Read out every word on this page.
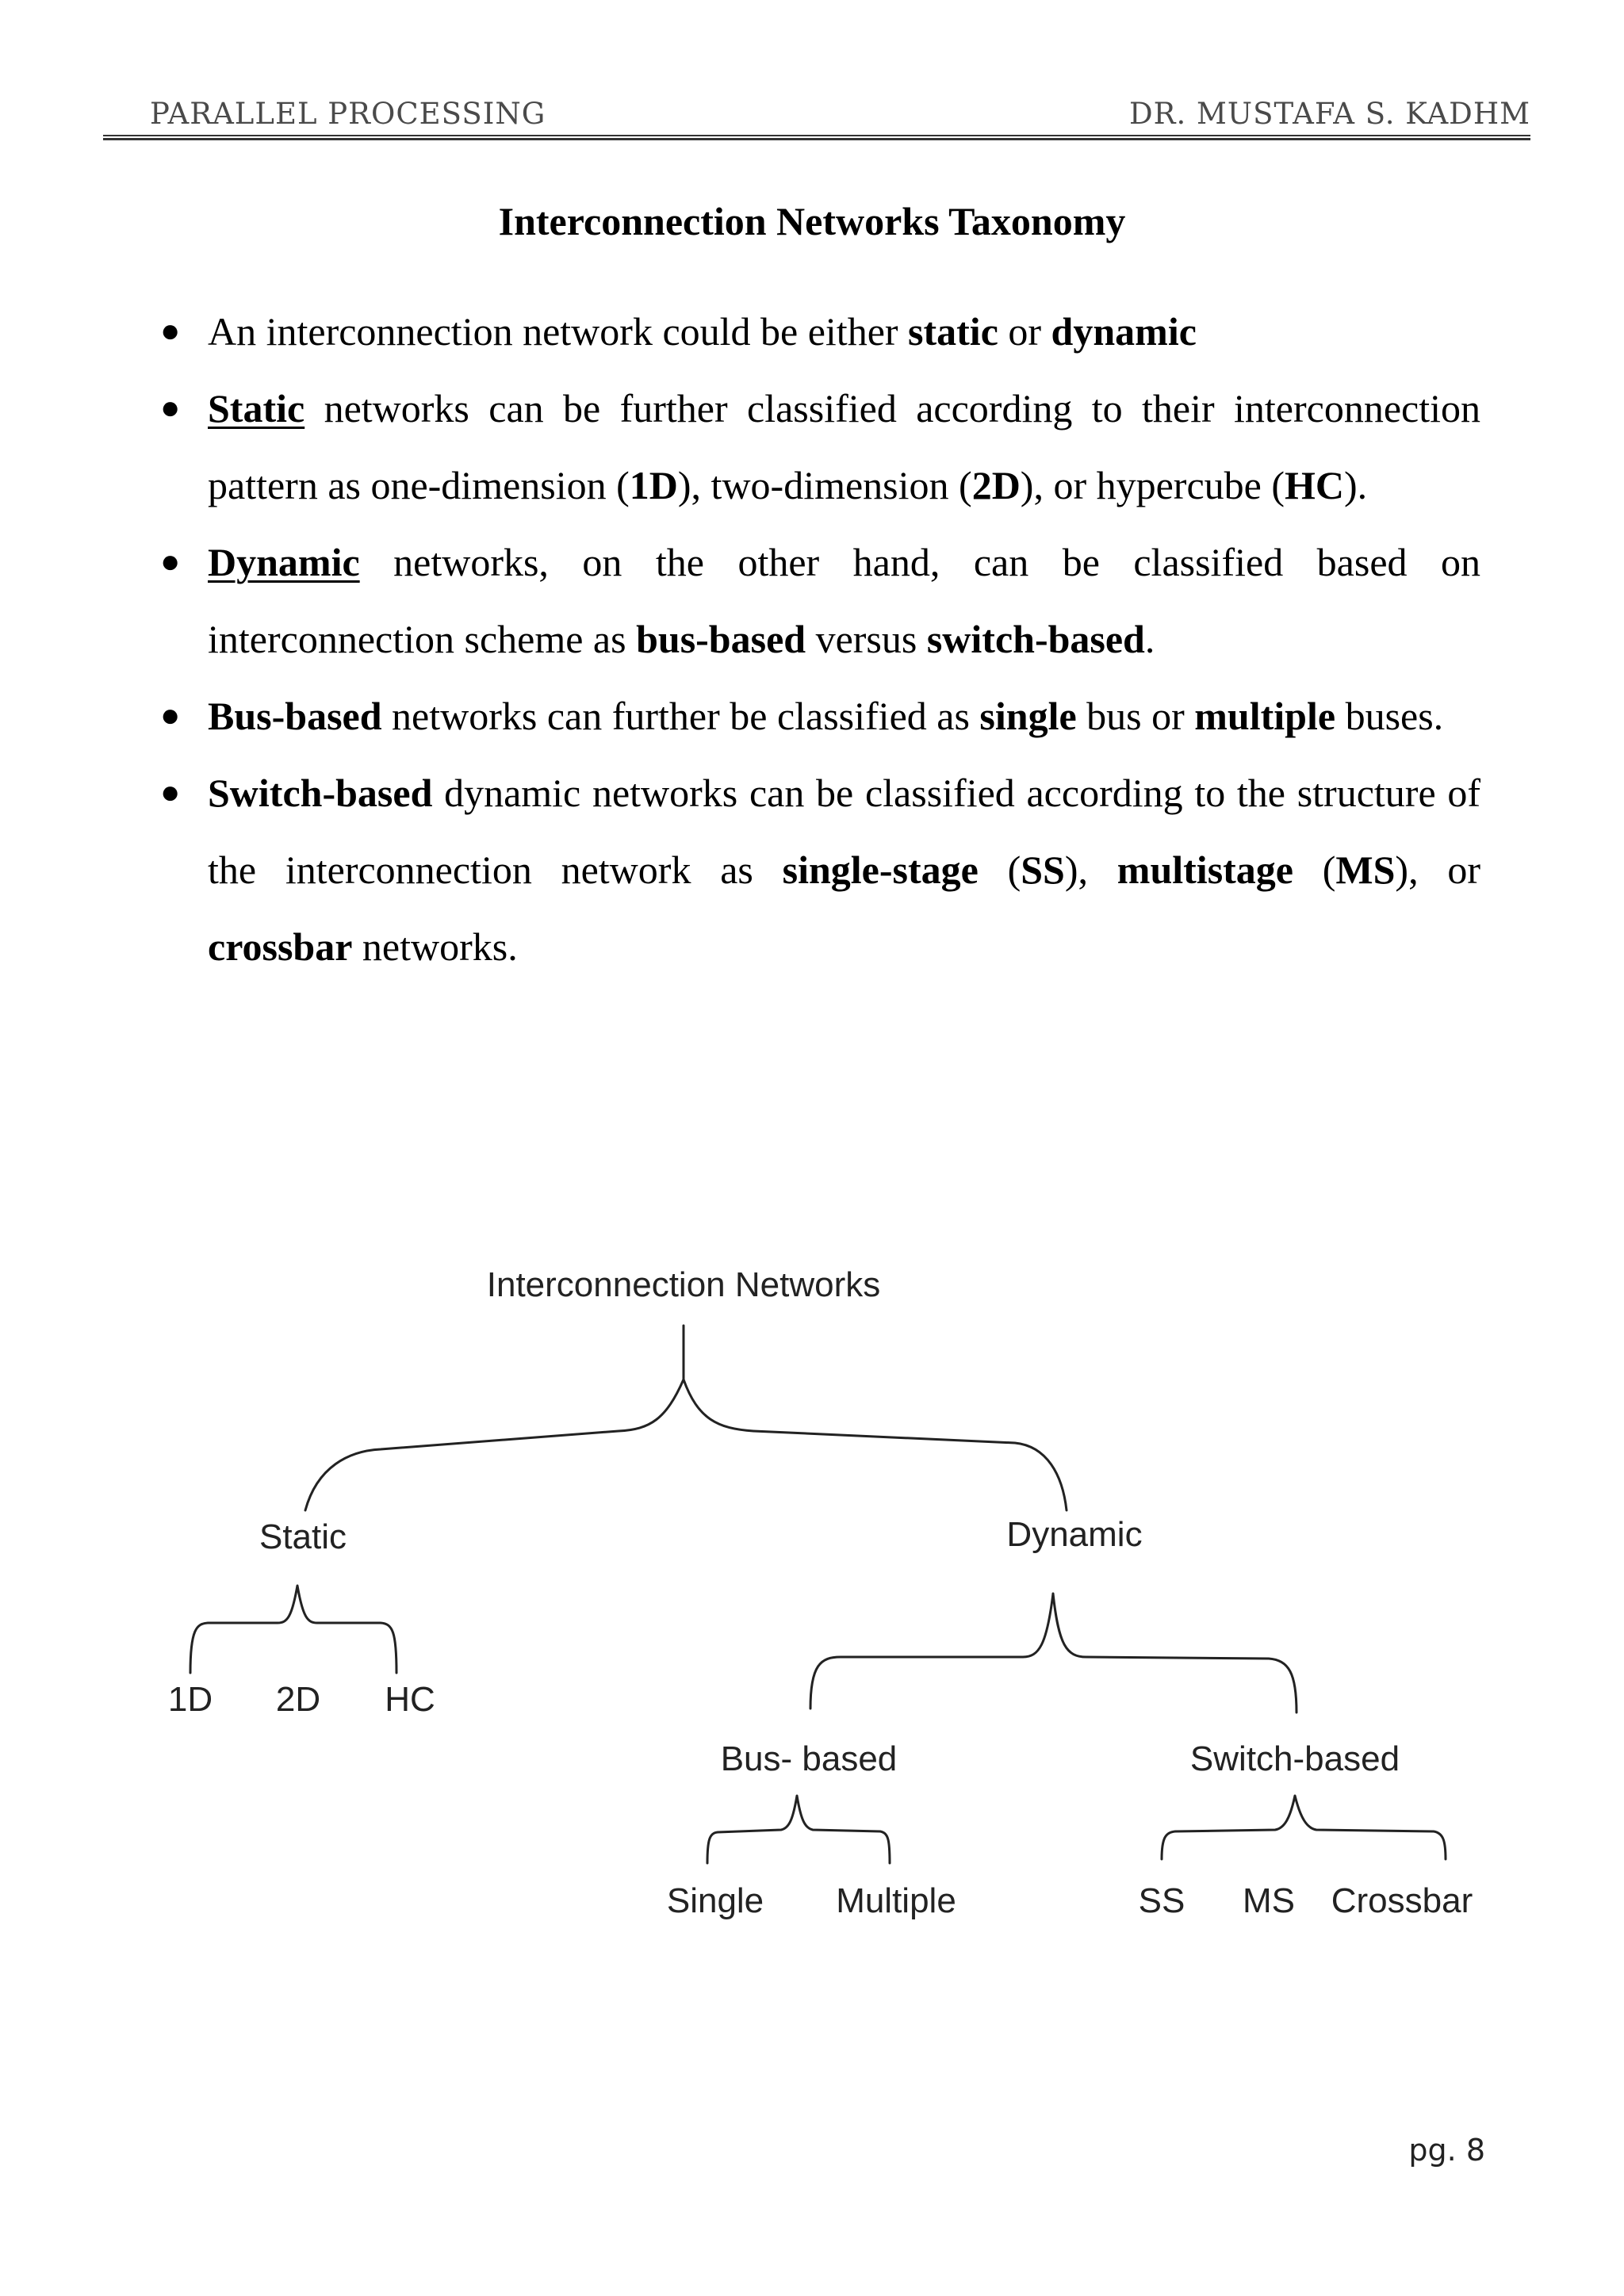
PARALLEL PROCESSING	DR. MUSTAFA S. KADHM
Interconnection Networks Taxonomy
● An interconnection network could be either static or dynamic
● Static networks can be further classified according to their interconnection pattern as one-dimension (1D), two-dimension (2D), or hypercube (HC).
● Dynamic networks, on the other hand, can be classified based on interconnection scheme as bus-based versus switch-based.
● Bus-based networks can further be classified as single bus or multiple buses.
● Switch-based dynamic networks can be classified according to the structure of the interconnection network as single-stage (SS), multistage (MS), or crossbar networks.
Interconnection Networks
Static	Dynamic
1D 2D HC
Bus- based	Switch-based
Single Multiple	SS MS Crossbar
pg. 8
